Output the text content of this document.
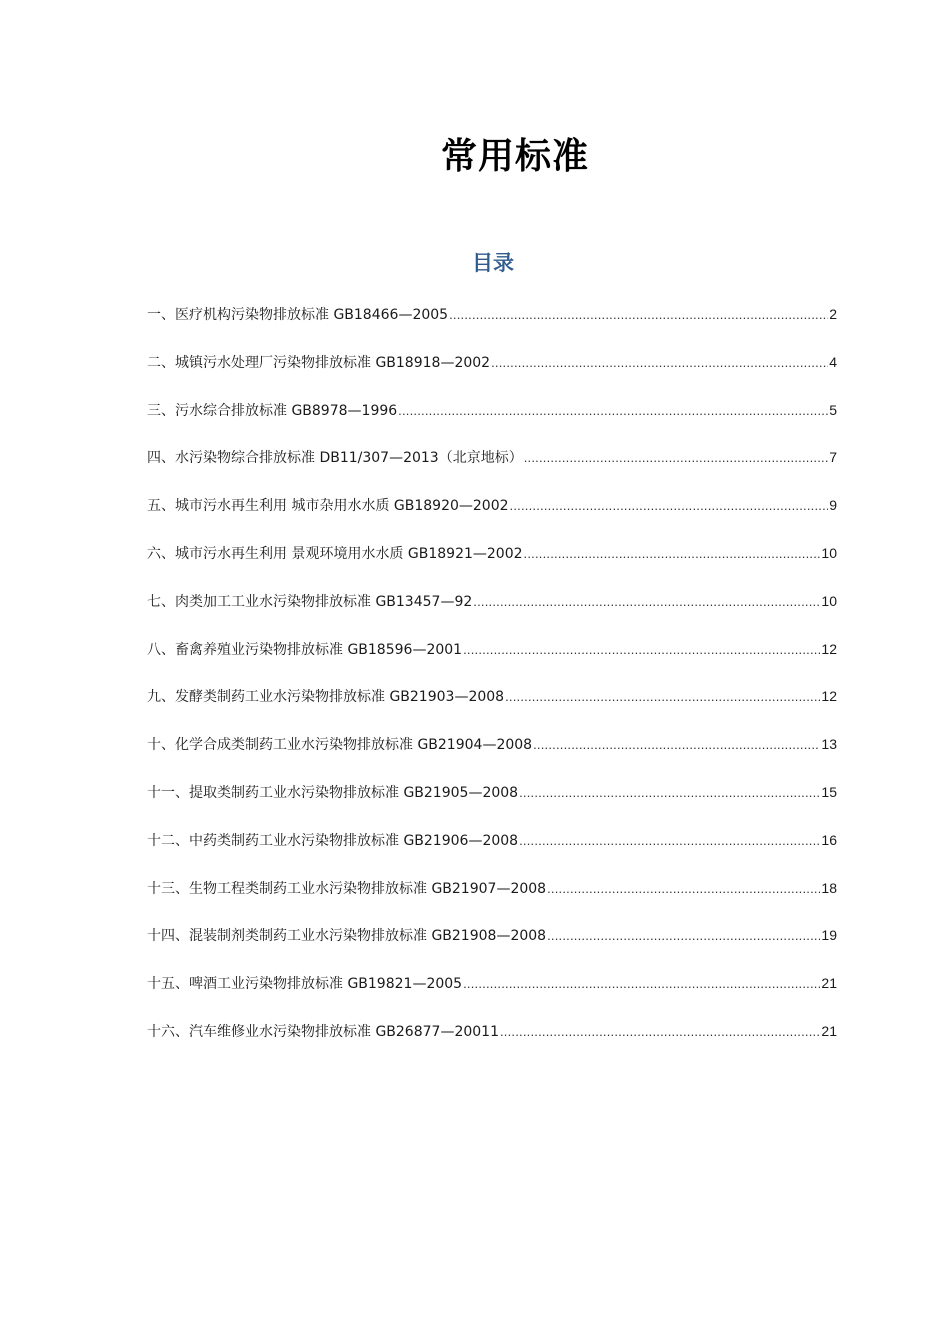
常用标准
目录
一、医疗机构污染物排放标准 GB18466—2005 .....	2
二、城镇污水处理厂污染物排放标准 GB18918—2002 .....	4
三、污水综合排放标准 GB8978—1996 .....	5
四、水污染物综合排放标准 DB11/307—2013（北京地标） .....	7
五、城市污水再生利用 城市杂用水水质 GB18920—2002 .....	9
六、城市污水再生利用 景观环境用水水质 GB18921—2002 .....	10
七、肉类加工工业水污染物排放标准 GB13457—92 .....	10
八、畜禽养殖业污染物排放标准 GB18596—2001 .....	12
九、发酵类制药工业水污染物排放标准 GB21903—2008 .....	12
十、化学合成类制药工业水污染物排放标准 GB21904—2008 .....	13
十一、提取类制药工业水污染物排放标准 GB21905—2008 .....	15
十二、中药类制药工业水污染物排放标准 GB21906—2008 .....	16
十三、生物工程类制药工业水污染物排放标准 GB21907—2008 .....	18
十四、混装制剂类制药工业水污染物排放标准 GB21908—2008 .....	19
十五、啤酒工业污染物排放标准 GB19821—2005 .....	21
十六、汽车维修业水污染物排放标准 GB26877—20011 .....	21
